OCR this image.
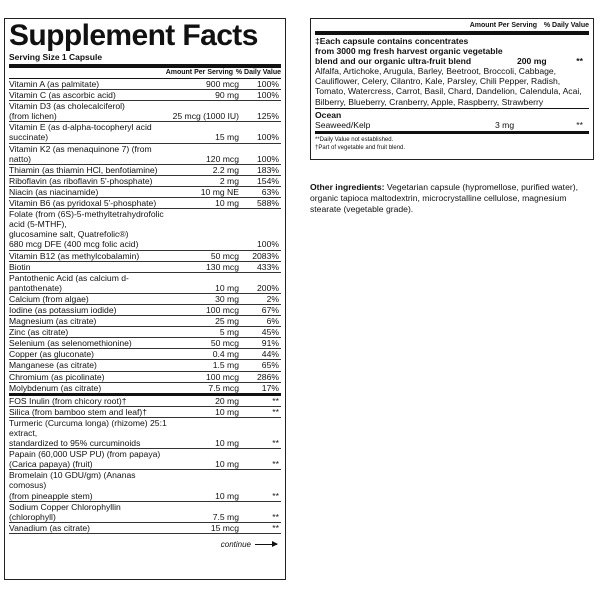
Supplement Facts
Serving Size 1 Capsule
Amount Per Serving % Daily Value
Vitamin A (as palmitate)	900 mcg	100%
Vitamin C (as ascorbic acid)	90 mg	100%
Vitamin D3 (as cholecalciferol)
(from lichen)	25 mcg (1000 IU)	125%
Vitamin E (as d-alpha-tocopheryl acid succinate)	15 mg	100%
Vitamin K2 (as menaquinone 7) (from natto)	120 mcg	100%
Thiamin (as thiamin HCl, benfotiamine)	2.2 mg	183%
Riboflavin (as riboflavin 5'-phosphate)	2 mg	154%
Niacin (as niacinamide)	10 mg NE	63%
Vitamin B6 (as pyridoxal 5'-phosphate)	10 mg	588%
Folate (from (6S)-5-methyltetrahydrofolic acid (5-MTHF),
glucosamine salt, Quatrefolic®)
680 mcg DFE (400 mcg folic acid)	100%
Vitamin B12 (as methylcobalamin)	50 mcg	2083%
Biotin	130 mcg	433%
Pantothenic Acid (as calcium d-pantothenate)	10 mg	200%
Calcium (from algae)	30 mg	2%
Iodine (as potassium iodide)	100 mcg	67%
Magnesium (as citrate)	25 mg	6%
Zinc (as citrate)	5 mg	45%
Selenium (as selenomethionine)	50 mcg	91%
Copper (as gluconate)	0.4 mg	44%
Manganese (as citrate)	1.5 mg	65%
Chromium (as picolinate)	100 mcg	286%
Molybdenum (as citrate)	7.5 mcg	17%
FOS Inulin (from chicory root)†	20 mg	**
Silica (from bamboo stem and leaf)†	10 mg	**
Turmeric (Curcuma longa) (rhizome) 25:1 extract,
standardized to 95% curcuminoids	10 mg	**
Papain (60,000 USP PU) (from papaya)
(Carica papaya) (fruit)	10 mg	**
Bromelain (10 GDU/gm) (Ananas comosus)
(from pineapple stem)	10 mg	**
Sodium Copper Chlorophyllin (chlorophyll)	7.5 mg	**
Vanadium (as citrate)	15 mcg	**
continue
Amount Per Serving % Daily Value
‡Each capsule contains concentrates
from 3000 mg fresh harvest organic vegetable
blend and our organic ultra-fruit blend	200 mg	**
Alfalfa, Artichoke, Arugula, Barley, Beetroot, Broccoli, Cabbage, Cauliflower, Celery, Cilantro, Kale, Parsley, Chili Pepper, Radish, Tomato, Watercress, Carrot, Basil, Chard, Dandelion, Calendula, Acai, Bilberry, Blueberry, Cranberry, Apple, Raspberry, Strawberry
Ocean
Seaweed/Kelp	3 mg	**
**Daily Value not established.
†Part of vegetable and fruit blend.
Other ingredients: Vegetarian capsule (hypromellose, purified water), organic tapioca maltodextrin, microcrystalline cellulose, magnesium stearate (vegetable grade).
